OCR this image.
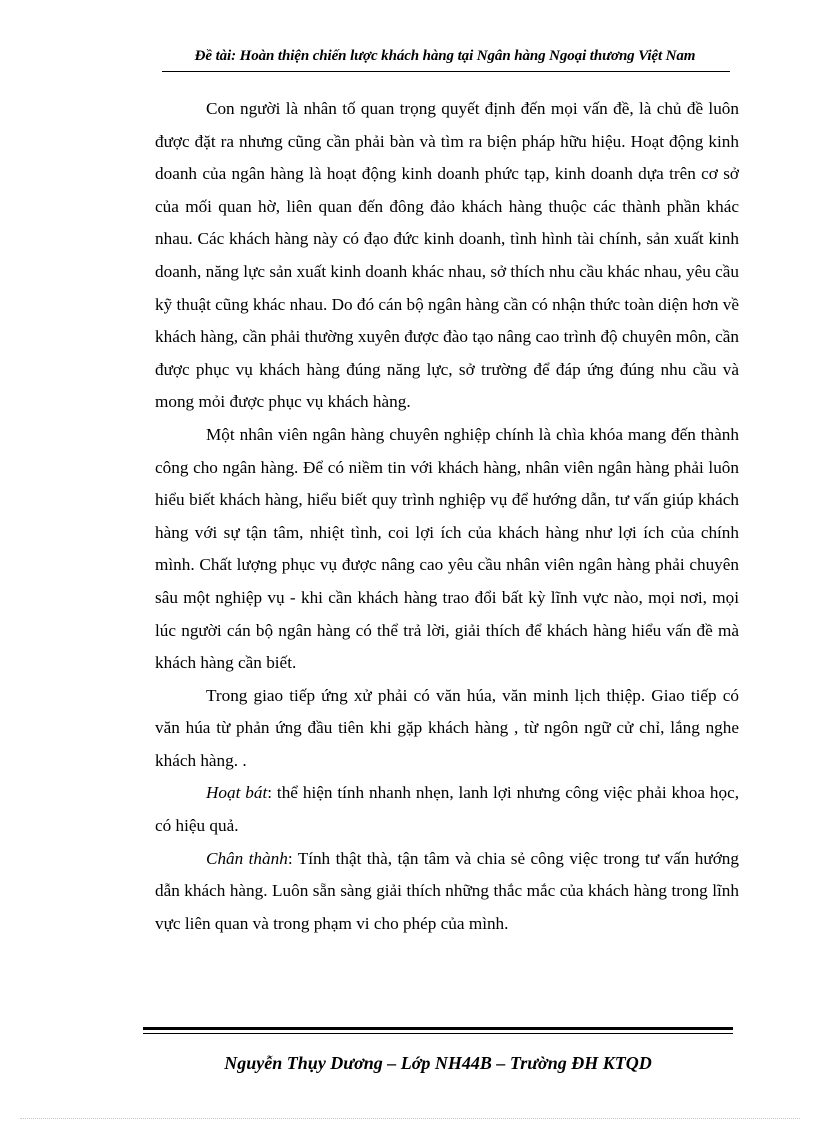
Đề tài: Hoàn thiện chiến lược khách hàng tại Ngân hàng Ngoại thương Việt Nam

Con người là nhân tố quan trọng quyết định đến mọi vấn đề, là chủ đề luôn được đặt ra nhưng cũng cần phải bàn và tìm ra biện pháp hữu hiệu. Hoạt động kinh doanh của ngân hàng là hoạt động kinh doanh phức tạp, kinh doanh dựa trên cơ sở của mối quan hờ, liên quan đến đông đảo khách hàng thuộc các thành phần khác nhau. Các khách hàng này có đạo đức kinh doanh, tình hình tài chính, sản xuất kinh doanh, năng lực sản xuất kinh doanh khác nhau, sở thích nhu cầu khác nhau, yêu cầu kỹ thuật cũng khác nhau. Do đó cán bộ ngân hàng cần có nhận thức toàn diện hơn về khách hàng, cần phải thường xuyên được đào tạo nâng cao trình độ chuyên môn, cần được phục vụ khách hàng đúng năng lực, sở trường để đáp ứng đúng nhu cầu và mong mỏi được phục vụ khách hàng.

Một nhân viên ngân hàng chuyên nghiệp chính là chìa khóa mang đến thành công cho ngân hàng. Để có niềm tin với khách hàng, nhân viên ngân hàng phải luôn hiểu biết khách hàng, hiểu biết quy trình nghiệp vụ để hướng dẫn, tư vấn giúp khách hàng với sự tận tâm, nhiệt tình, coi lợi ích của khách hàng như lợi ích của chính mình. Chất lượng phục vụ được nâng cao yêu cầu nhân viên ngân hàng phải chuyên sâu một nghiệp vụ - khi cần khách hàng trao đổi bất kỳ lĩnh vực nào, mọi nơi, mọi lúc người cán bộ ngân hàng có thể trả lời, giải thích để khách hàng hiểu vấn đề mà khách hàng cần biết.

Trong giao tiếp ứng xử phải có văn húa, văn minh lịch thiệp. Giao tiếp có văn húa từ phản ứng đầu tiên khi gặp khách hàng , từ ngôn ngữ cử chỉ, lắng nghe khách hàng. .

Hoạt bát: thể hiện tính nhanh nhẹn, lanh lợi nhưng công việc phải khoa học, có hiệu quả.

Chân thành: Tính thật thà, tận tâm và chia sẻ công việc trong tư vấn hướng dẫn khách hàng. Luôn sẵn sàng giải thích những thắc mắc của khách hàng trong lĩnh vực liên quan và trong phạm vi cho phép của mình.

Nguyễn Thụy Dương – Lớp NH44B – Trường ĐH KTQD
